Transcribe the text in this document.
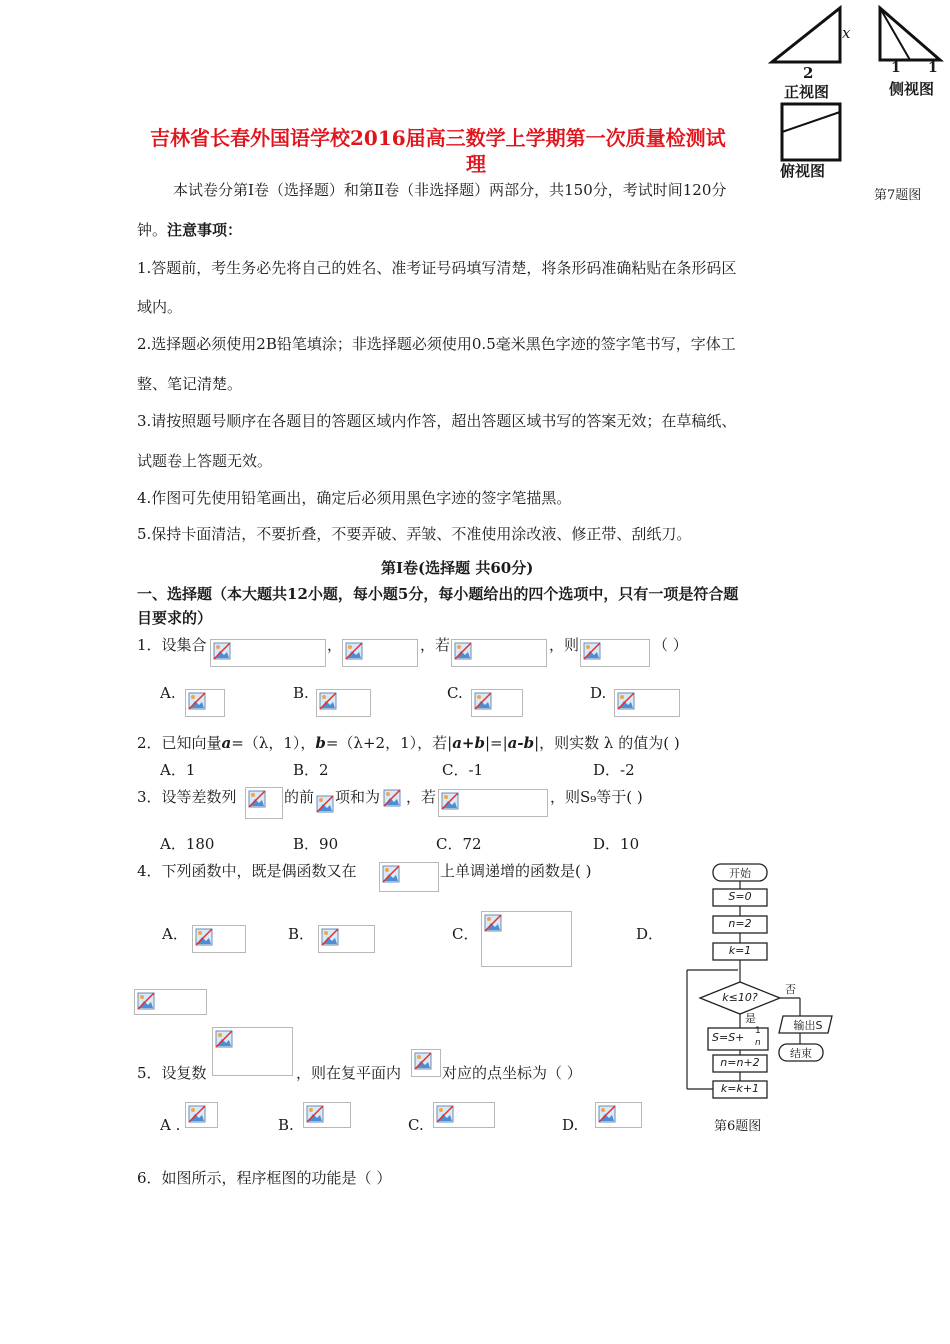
吉林省长春外国语学校2016届高三数学上学期第一次质量检测试
理
x
2	1 1
正视图	侧视图
俯视图
第7题图
本试卷分第Ⅰ卷（选择题）和第Ⅱ卷（非选择题）两部分，共150分，考试时间120分
钟。注意事项：
1.答题前，考生务必先将自己的姓名、准考证号码填写清楚，将条形码准确粘贴在条形码区
域内。
2.选择题必须使用2B铅笔填涂；非选择题必须使用0.5毫米黑色字迹的签字笔书写，字体工
整、笔记清楚。
3.请按照题号顺序在各题目的答题区域内作答，超出答题区域书写的答案无效；在草稿纸、
试题卷上答题无效。
4.作图可先使用铅笔画出，确定后必须用黑色字迹的签字笔描黑。
5.保持卡面清洁，不要折叠，不要弄破、弄皱、不准使用涂改液、修正带、刮纸刀。
第Ⅰ卷(选择题 共60分)
一、选择题（本大题共12小题，每小题5分，每小题给出的四个选项中，只有一项是符合题
目要求的）
1．设集合	，	，若	，则	（ ）
A.	B.	C.	D.
2．已知向量a=（λ，1），b=（λ+2，1），若|a+b|=|a-b|，则实数 λ 的值为( )
A．1	B．2	C．-1	D．-2
3．设等差数列	的前 项和为 ，若	，则S₉等于( )
A．180	B．90	C．72	D．10
4．下列函数中，既是偶函数又在	上单调递增的函数是( )
A．	B．	C．	D．
5．设复数	，则在复平面内	对应的点坐标为（ ）
A .	B.	C.	D.
6．如图所示，程序框图的功能是（ ）
开始
S=0
n=2
k=1
k≤10?
否
是
S=S+ 1
n
n=n+2
k=k+1
输出S
结束
第6题图
